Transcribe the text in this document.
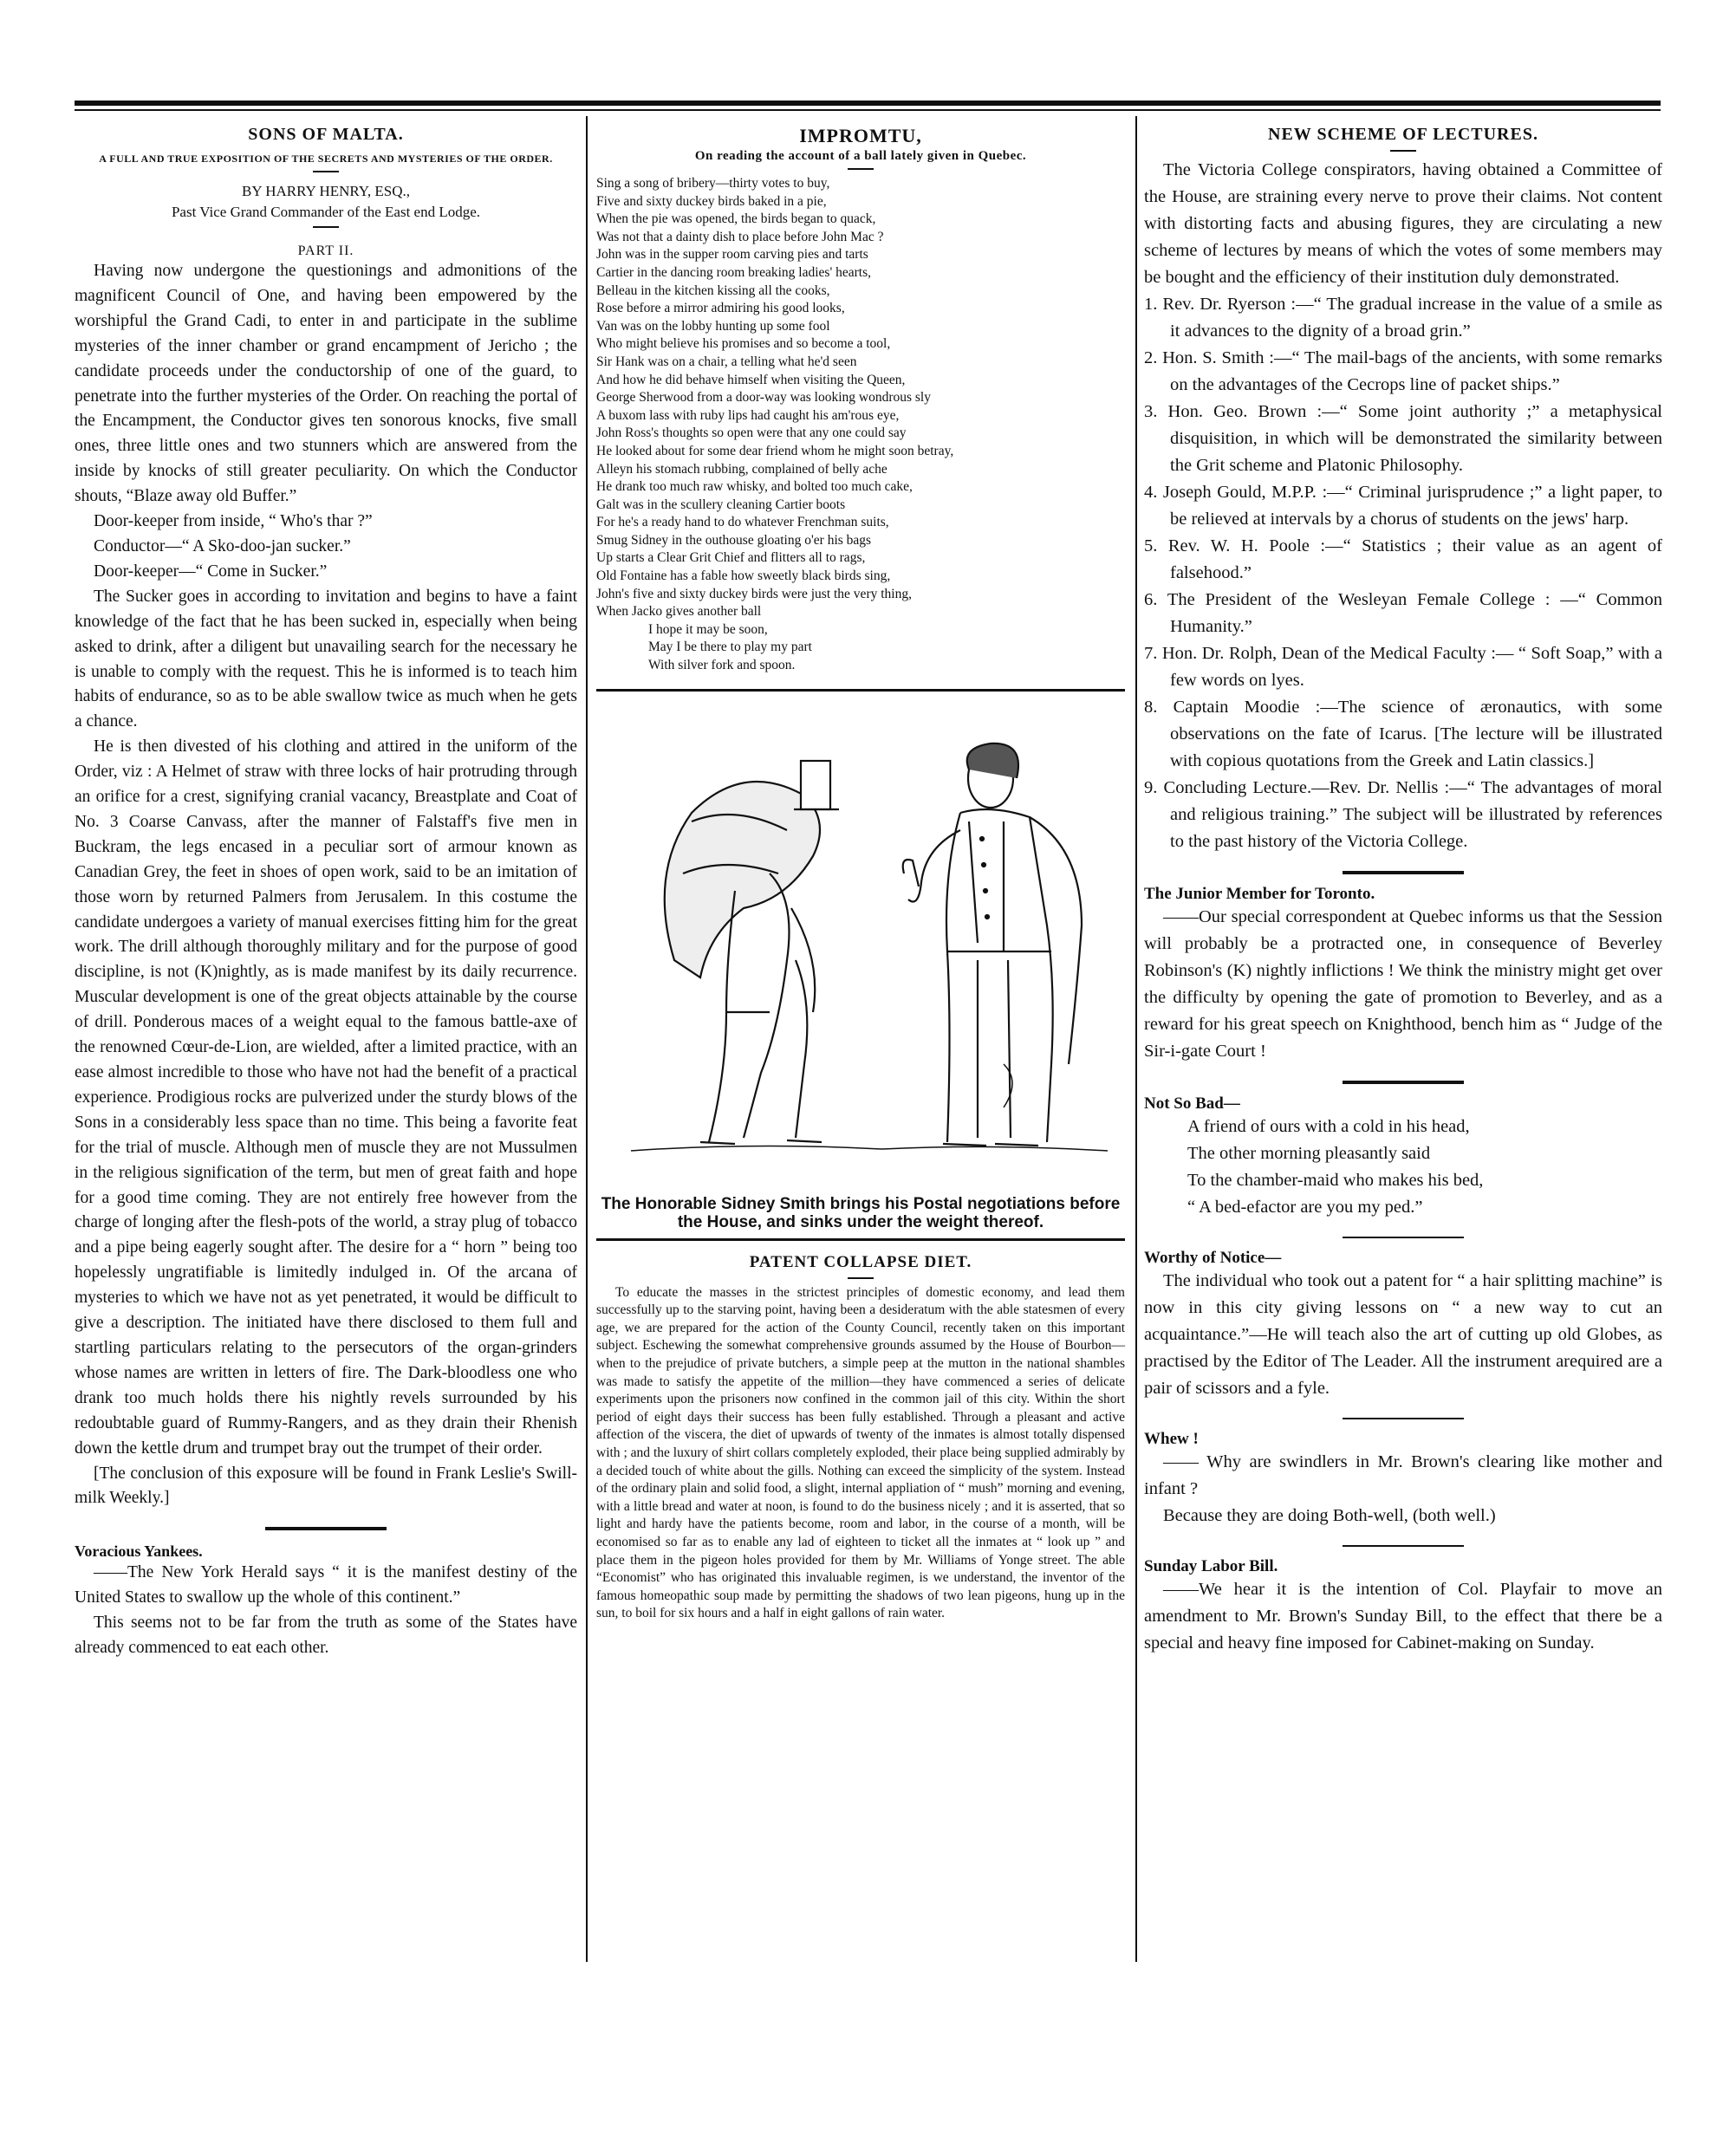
SONS OF MALTA.

A FULL AND TRUE EXPOSITION OF THE SECRETS AND MYSTERIES OF THE ORDER.

BY HARRY HENRY, ESQ.,

Past Vice Grand Commander of the East end Lodge.

PART II.

Having now undergone the questionings and admonitions of the magnificent Council of One, and having been empowered by the worshipful the Grand Cadi, to enter in and participate in the sublime mysteries of the inner chamber or grand encampment of Jericho ; the candidate proceeds under the conductorship of one of the guard, to penetrate into the further mysteries of the Order. On reaching the portal of the Encampment, the Conductor gives ten sonorous knocks, five small ones, three little ones and two stunners which are answered from the inside by knocks of still greater peculiarity. On which the Conductor shouts, “Blaze away old Buffer.”

Door-keeper from inside, “ Who's thar ?”

Conductor—“ A Sko-doo-jan sucker.”

Door-keeper—“ Come in Sucker.”

The Sucker goes in according to invitation and begins to have a faint knowledge of the fact that he has been sucked in, especially when being asked to drink, after a diligent but unavailing search for the necessary he is unable to comply with the request. This he is informed is to teach him habits of endurance, so as to be able swallow twice as much when he gets a chance.

He is then divested of his clothing and attired in the uniform of the Order, viz : A Helmet of straw with three locks of hair protruding through an orifice for a crest, signifying cranial vacancy, Breastplate and Coat of No. 3 Coarse Canvass, after the manner of Falstaff's five men in Buckram, the legs encased in a peculiar sort of armour known as Canadian Grey, the feet in shoes of open work, said to be an imitation of those worn by returned Palmers from Jerusalem. In this costume the candidate undergoes a variety of manual exercises fitting him for the great work. The drill although thoroughly military and for the purpose of good discipline, is not (K)nightly, as is made manifest by its daily recurrence. Muscular development is one of the great objects attainable by the course of drill. Ponderous maces of a weight equal to the famous battle-axe of the renowned Cœur-de-Lion, are wielded, after a limited practice, with an ease almost incredible to those who have not had the benefit of a practical experience. Prodigious rocks are pulverized under the sturdy blows of the Sons in a considerably less space than no time. This being a favorite feat for the trial of muscle. Although men of muscle they are not Mussulmen in the religious signification of the term, but men of great faith and hope for a good time coming. They are not entirely free however from the charge of longing after the flesh-pots of the world, a stray plug of tobacco and a pipe being eagerly sought after. The desire for a “ horn ” being too hopelessly ungratifiable is limitedly indulged in. Of the arcana of mysteries to which we have not as yet penetrated, it would be difficult to give a description. The initiated have there disclosed to them full and startling particulars relating to the persecutors of the organ-grinders whose names are written in letters of fire. The Dark-bloodless one who drank too much holds there his nightly revels surrounded by his redoubtable guard of Rummy-Rangers, and as they drain their Rhenish down the kettle drum and trumpet bray out the trumpet of their order.

[The conclusion of this exposure will be found in Frank Leslie's Swill-milk Weekly.]

Voracious Yankees.

——The New York Herald says “ it is the manifest destiny of the United States to swallow up the whole of this continent.”

This seems not to be far from the truth as some of the States have already commenced to eat each other.

IMPROMTU,

On reading the account of a ball lately given in Quebec.

Sing a song of bribery—thirty votes to buy,

Five and sixty duckey birds baked in a pie,

When the pie was opened, the birds began to quack,

Was not that a dainty dish to place before John Mac ?

John was in the supper room carving pies and tarts

Cartier in the dancing room breaking ladies' hearts,

Belleau in the kitchen kissing all the cooks,

Rose before a mirror admiring his good looks,

Van was on the lobby hunting up some fool

Who might believe his promises and so become a tool,

Sir Hank was on a chair, a telling what he'd seen

And how he did behave himself when visiting the Queen,

George Sherwood from a door-way was looking wondrous sly

A buxom lass with ruby lips had caught his am'rous eye,

John Ross's thoughts so open were that any one could say

He looked about for some dear friend whom he might soon betray,

Alleyn his stomach rubbing, complained of belly ache

He drank too much raw whisky, and bolted too much cake,

Galt was in the scullery cleaning Cartier boots

For he's a ready hand to do whatever Frenchman suits,

Smug Sidney in the outhouse gloating o'er his bags

Up starts a Clear Grit Chief and flitters all to rags,

Old Fontaine has a fable how sweetly black birds sing,

John's five and sixty duckey birds were just the very thing,

When Jacko gives another ball

I hope it may be soon,

May I be there to play my part

With silver fork and spoon.

The Honorable Sidney Smith brings his Postal negotiations before the House, and sinks under the weight thereof.

PATENT COLLAPSE DIET.

To educate the masses in the strictest principles of domestic economy, and lead them successfully up to the starving point, having been a desideratum with the able statesmen of every age, we are prepared for the action of the County Council, recently taken on this important subject. Eschewing the somewhat comprehensive grounds assumed by the House of Bourbon—when to the prejudice of private butchers, a simple peep at the mutton in the national shambles was made to satisfy the appetite of the million—they have commenced a series of delicate experiments upon the prisoners now confined in the common jail of this city. Within the short period of eight days their success has been fully established. Through a pleasant and active affection of the viscera, the diet of upwards of twenty of the inmates is almost totally dispensed with ; and the luxury of shirt collars completely exploded, their place being supplied admirably by a decided touch of white about the gills. Nothing can exceed the simplicity of the system. Instead of the ordinary plain and solid food, a slight, internal appliation of “ mush” morning and evening, with a little bread and water at noon, is found to do the business nicely ; and it is asserted, that so light and hardy have the patients become, room and labor, in the course of a month, will be economised so far as to enable any lad of eighteen to ticket all the inmates at “ look up ” and place them in the pigeon holes provided for them by Mr. Williams of Yonge street. The able “Economist” who has originated this invaluable regimen, is we understand, the inventor of the famous homeopathic soup made by permitting the shadows of two lean pigeons, hung up in the sun, to boil for six hours and a half in eight gallons of rain water.

NEW SCHEME OF LECTURES.

The Victoria College conspirators, having obtained a Committee of the House, are straining every nerve to prove their claims. Not content with distorting facts and abusing figures, they are circulating a new scheme of lectures by means of which the votes of some members may be bought and the efficiency of their institution duly demonstrated.

1. Rev. Dr. Ryerson :—“ The gradual increase in the value of a smile as it advances to the dignity of a broad grin.”

2. Hon. S. Smith :—“ The mail-bags of the ancients, with some remarks on the advantages of the Cecrops line of packet ships.”

3. Hon. Geo. Brown :—“ Some joint authority ;” a metaphysical disquisition, in which will be demonstrated the similarity between the Grit scheme and Platonic Philosophy.

4. Joseph Gould, M.P.P. :—“ Criminal jurisprudence ;” a light paper, to be relieved at intervals by a chorus of students on the jews' harp.

5. Rev. W. H. Poole :—“ Statistics ; their value as an agent of falsehood.”

6. The President of the Wesleyan Female College : —“ Common Humanity.”

7. Hon. Dr. Rolph, Dean of the Medical Faculty :— “ Soft Soap,” with a few words on lyes.

8. Captain Moodie :—The science of æronautics, with some observations on the fate of Icarus. [The lecture will be illustrated with copious quotations from the Greek and Latin classics.]

9. Concluding Lecture.—Rev. Dr. Nellis :—“ The advantages of moral and religious training.” The subject will be illustrated by references to the past history of the Victoria College.

The Junior Member for Toronto.

——Our special correspondent at Quebec informs us that the Session will probably be a protracted one, in consequence of Beverley Robinson's (K) nightly inflictions ! We think the ministry might get over the difficulty by opening the gate of promotion to Beverley, and as a reward for his great speech on Knighthood, bench him as “ Judge of the Sir-i-gate Court !

Not So Bad—

A friend of ours with a cold in his head,

The other morning pleasantly said

To the chamber-maid who makes his bed,

“ A bed-efactor are you my ped.”

Worthy of Notice—

The individual who took out a patent for “ a hair splitting machine” is now in this city giving lessons on “ a new way to cut an acquaintance.”—He will teach also the art of cutting up old Globes, as practised by the Editor of The Leader. All the instrument arequired are a pair of scissors and a fyle.

Whew !

—— Why are swindlers in Mr. Brown's clearing like mother and infant ?

Because they are doing Both-well, (both well.)

Sunday Labor Bill.

——We hear it is the intention of Col. Playfair to move an amendment to Mr. Brown's Sunday Bill, to the effect that there be a special and heavy fine imposed for Cabinet-making on Sunday.
